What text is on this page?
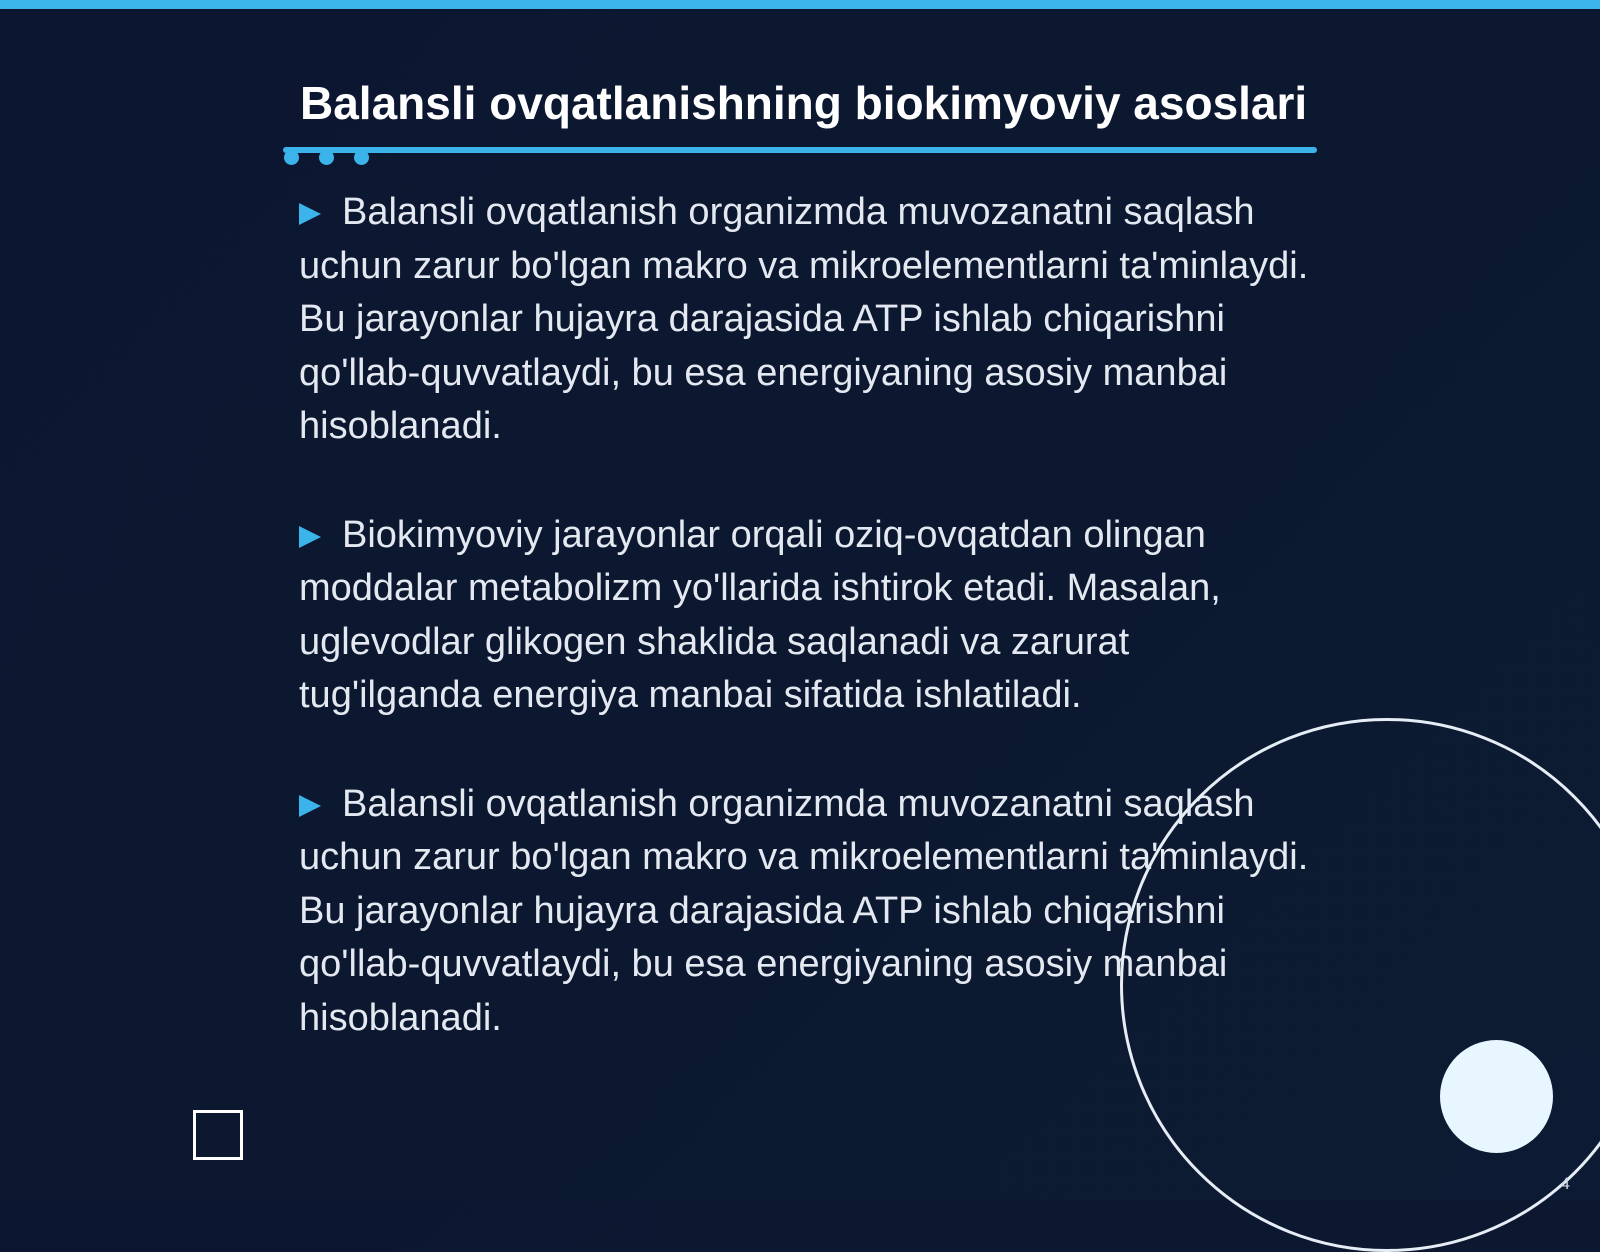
Balansli ovqatlanishning biokimyoviy asoslari
Balansli ovqatlanish organizmda muvozanatni saqlash uchun zarur bo'lgan makro va mikroelementlarni ta'minlaydi. Bu jarayonlar hujayra darajasida ATP ishlab chiqarishni qo'llab-quvvatlaydi, bu esa energiyaning asosiy manbai hisoblanadi.
Biokimyoviy jarayonlar orqali oziq-ovqatdan olingan moddalar metabolizm yo'llarida ishtirok etadi. Masalan, uglevodlar glikogen shaklida saqlanadi va zarurat tug'ilganda energiya manbai sifatida ishlatiladi.
Balansli ovqatlanish organizmda muvozanatni saqlash uchun zarur bo'lgan makro va mikroelementlarni ta'minlaydi. Bu jarayonlar hujayra darajasida ATP ishlab chiqarishni qo'llab-quvvatlaydi, bu esa energiyaning asosiy manbai hisoblanadi.
4
